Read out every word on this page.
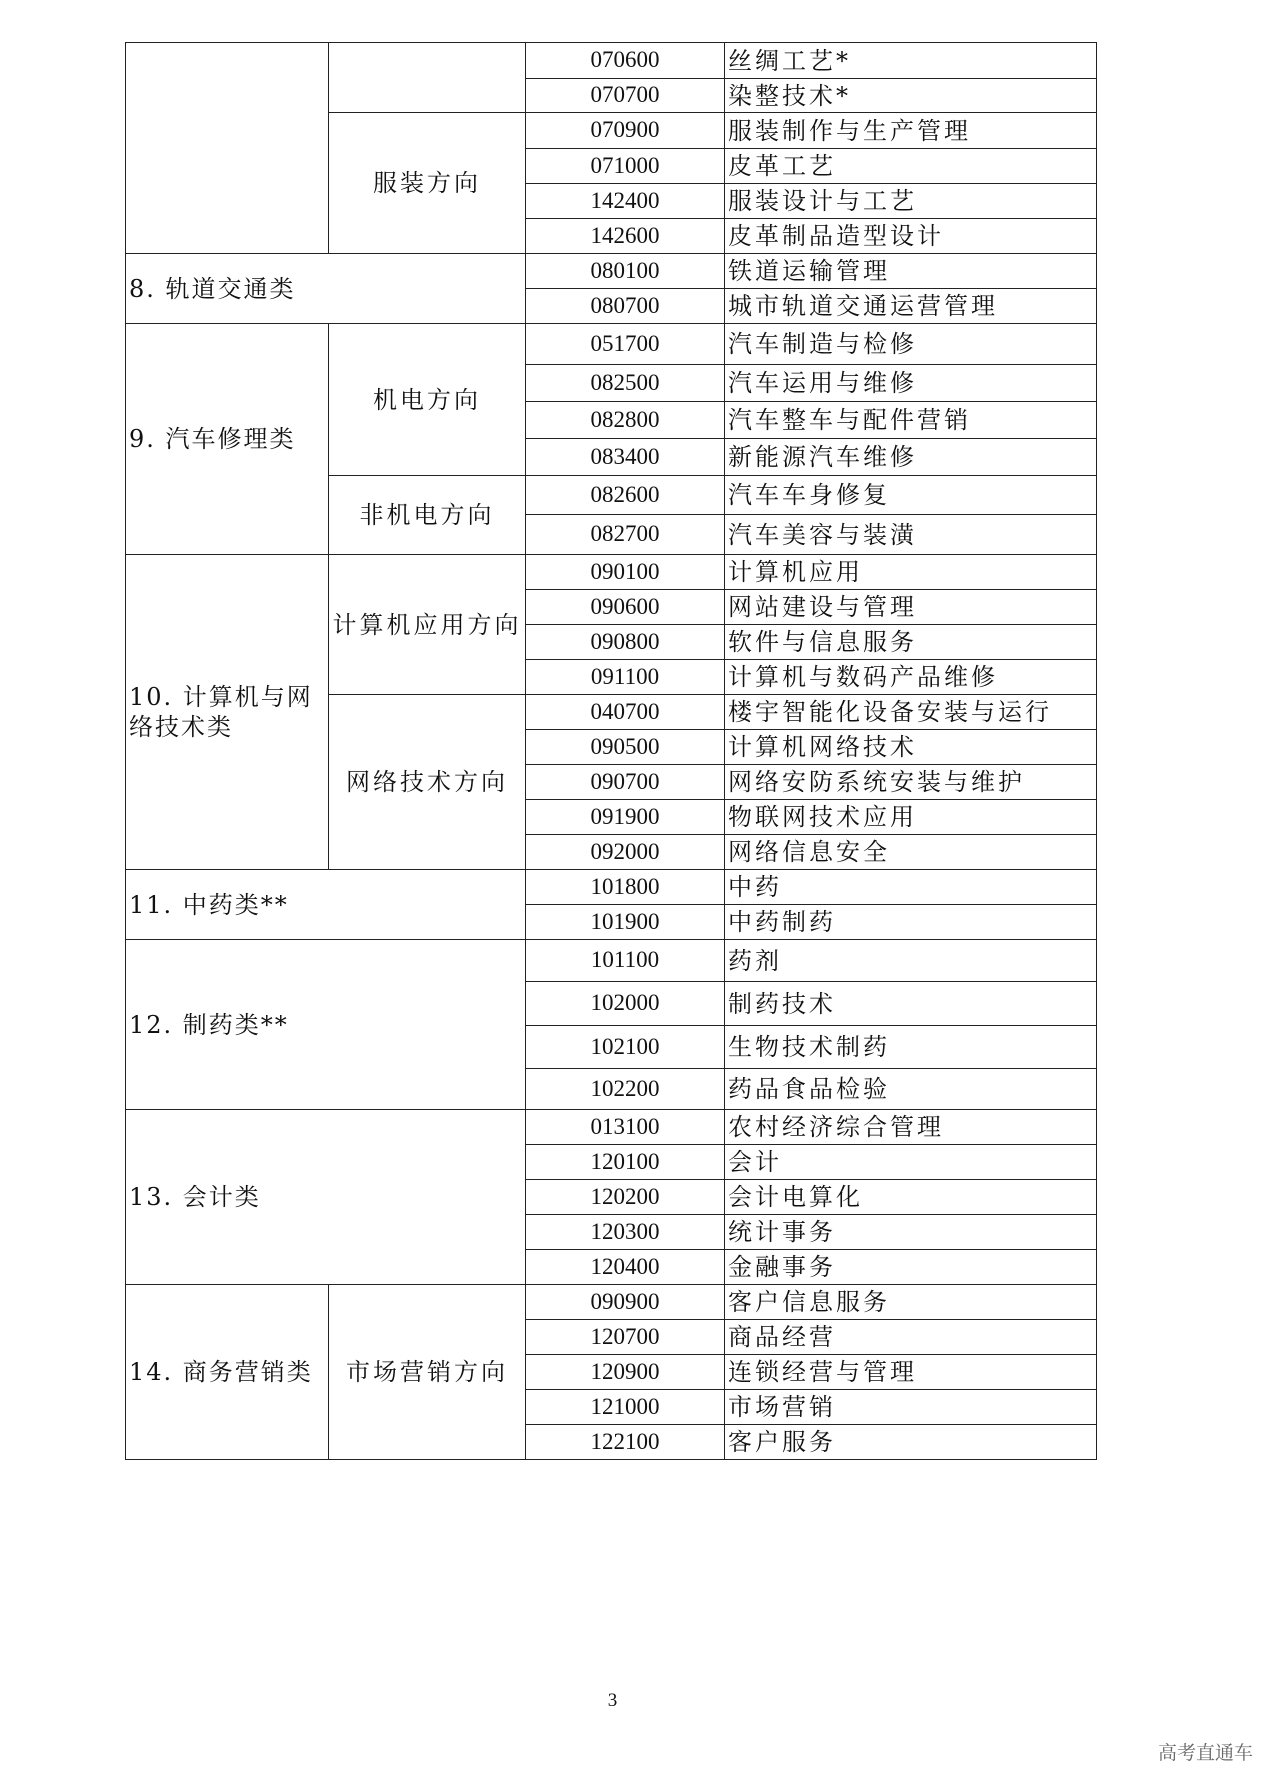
		070600	丝绸工艺*
		070700	染整技术*
	服装方向	070900	服装制作与生产管理
		071000	皮革工艺
		142400	服装设计与工艺
		142600	皮革制品造型设计
8. 轨道交通类		080100	铁道运输管理
		080700	城市轨道交通运营管理
9. 汽车修理类	机电方向	051700	汽车制造与检修
		082500	汽车运用与维修
		082800	汽车整车与配件营销
		083400	新能源汽车维修
	非机电方向	082600	汽车车身修复
		082700	汽车美容与装潢
10. 计算机与网络技术类	计算机应用方向	090100	计算机应用
		090600	网站建设与管理
		090800	软件与信息服务
		091100	计算机与数码产品维修
	网络技术方向	040700	楼宇智能化设备安装与运行
		090500	计算机网络技术
		090700	网络安防系统安装与维护
		091900	物联网技术应用
		092000	网络信息安全
11. 中药类**		101800	中药
		101900	中药制药
12. 制药类**		101100	药剂
		102000	制药技术
		102100	生物技术制药
		102200	药品食品检验
13. 会计类		013100	农村经济综合管理
		120100	会计
		120200	会计电算化
		120300	统计事务
		120400	金融事务
14. 商务营销类	市场营销方向	090900	客户信息服务
		120700	商品经营
		120900	连锁经营与管理
		121000	市场营销
		122100	客户服务
3
高考直通车
